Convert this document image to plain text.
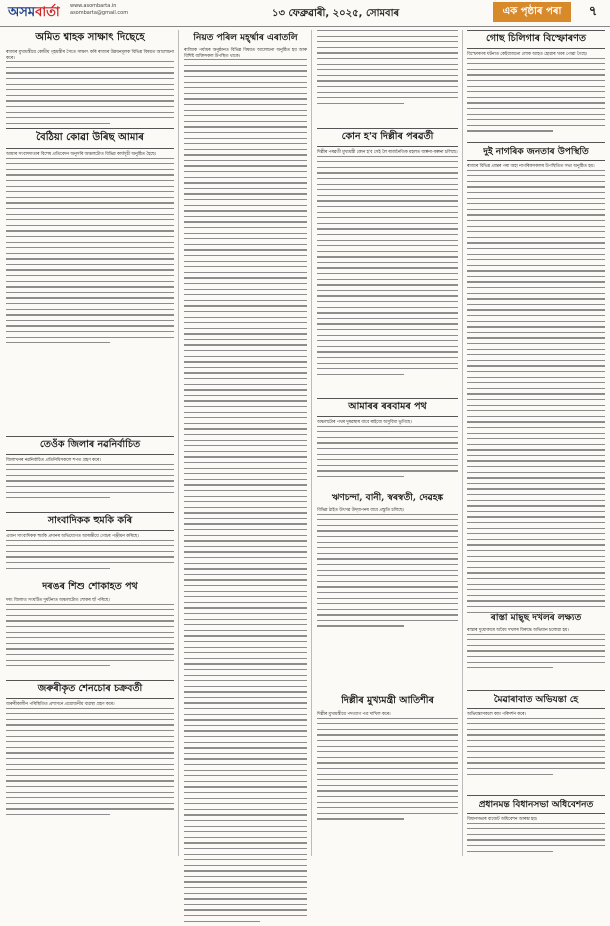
অসমবাৰ্তা	www.asombarta.in
asombarta@gmail.com	১৩ ফেব্ৰুৱাৰী, ২০২৫, সোমবাৰ	এক পৃষ্ঠাৰ পৰা	৭
অমিত শ্বাহক সাক্ষাৎ দিছেহে

ৰাজ্যৰ মুখ্যমন্ত্ৰীয়ে কেন্দ্ৰীয় গৃহমন্ত্ৰীৰ সৈতে সাক্ষাৎ কৰি ৰাজ্যৰ উন্নয়নমূলক বিভিন্ন বিষয়ত আলোচনা কৰে।

বৈঠিয়া কোৱা উৰিছ আমাৰ

আমাৰ সংবাদদাতাৰ বিশেষ প্ৰতিবেদন অনুসৰি অঞ্চলটোত বিভিন্ন কাৰ্যসূচী অনুষ্ঠিত হৈছে।

তেওঁক জিলাৰ নৱনিৰ্বাচিত

জিলাখনৰ নৱনিৰ্বাচিত প্ৰতিনিধিসকলে শপত গ্ৰহণ কৰে।

সাংবাদিকক হুমকি কৰি

এজন সাংবাদিকক হুমকি প্ৰদানৰ অভিযোগত আৰক্ষীয়ে গোচৰ পঞ্জীয়ন কৰিছে।

দৰঙৰ শিশু শোকাহত পথ

দৰং জিলাত সংঘটিত দুৰ্ঘটনাত অঞ্চলটোত শোকৰ ছাঁ পৰিছে।

জৰুৰীকৃত শেনচোৰ চক্ৰবৰ্তী

জৰুৰীকালীন পৰিস্থিতিত প্ৰশাসনে প্ৰয়োজনীয় ব্যৱস্থা গ্ৰহণ কৰে।

নিয়ত পৰিল মহ্‌ৰ্ষ্মাৰ এৰাতলি

ৰাজ্যিক পৰ্যায়ৰ অনুষ্ঠানত বিভিন্ন বিষয়ত আলোচনা অনুষ্ঠিত হয় আৰু বিশিষ্ট ব্যক্তিসকল উপস্থিত থাকে।

কোন হ'ব দিল্লীৰ পৰৱৰ্তী

দিল্লীৰ পৰৱৰ্তী মুখ্যমন্ত্ৰী কোন হ'ব সেই লৈ ৰাজনৈতিক মহলত জল্পনা-কল্পনা চলিছে।

আমাৰৰ ৰৰবামৰ পথ

অঞ্চলটোৰ পথৰ দুৰৱস্থাৰ বাবে ৰাইজে অসুবিধা ভুগিছে।

ঋণচন্দা, বানী, স্বৰস্বতী, দেৱহঙ্ক

বিভিন্ন ঠাইত উৎসৱ উদ্‌যাপনৰ বাবে প্ৰস্তুতি চলিছে।

দিল্লীৰ মুখ্যমন্ত্ৰী আতিশীৰ

দিল্লীৰ মুখ্যমন্ত্ৰীয়ে পদত্যাগ পত্ৰ দাখিল কৰে।

গোছ চিলিগাৰ বিস্ফোৰণত

বিস্ফোৰণৰ ঘটনাত কেইবাজনো লোক আহত হোৱাৰ খবৰ পোৱা গৈছে।

দুই নাগৰিক জনতাৰ উপস্থিতি

ৰাজ্যৰ বিভিন্ন প্ৰান্তৰ পৰা অহা নাগৰিকসকলৰ উপস্থিতিত সভা অনুষ্ঠিত হয়।

ৰাস্তা মাছ্ছ দখলৰ লক্ষ্যত

ৰাস্তাৰ দুয়োকাষে অবৈধ দখলৰ বিৰুদ্ধে অভিযান চলোৱা হয়।

মৈৱাৰাবাত অভিযন্তা হে

অভিযন্তাসকলে কাম পৰিদৰ্শন কৰে।

প্ৰধানমন্ত বিধানসভা অধিবেশনত

বিধানসভাৰ বাজেট অধিবেশন আৰম্ভ হয়।
